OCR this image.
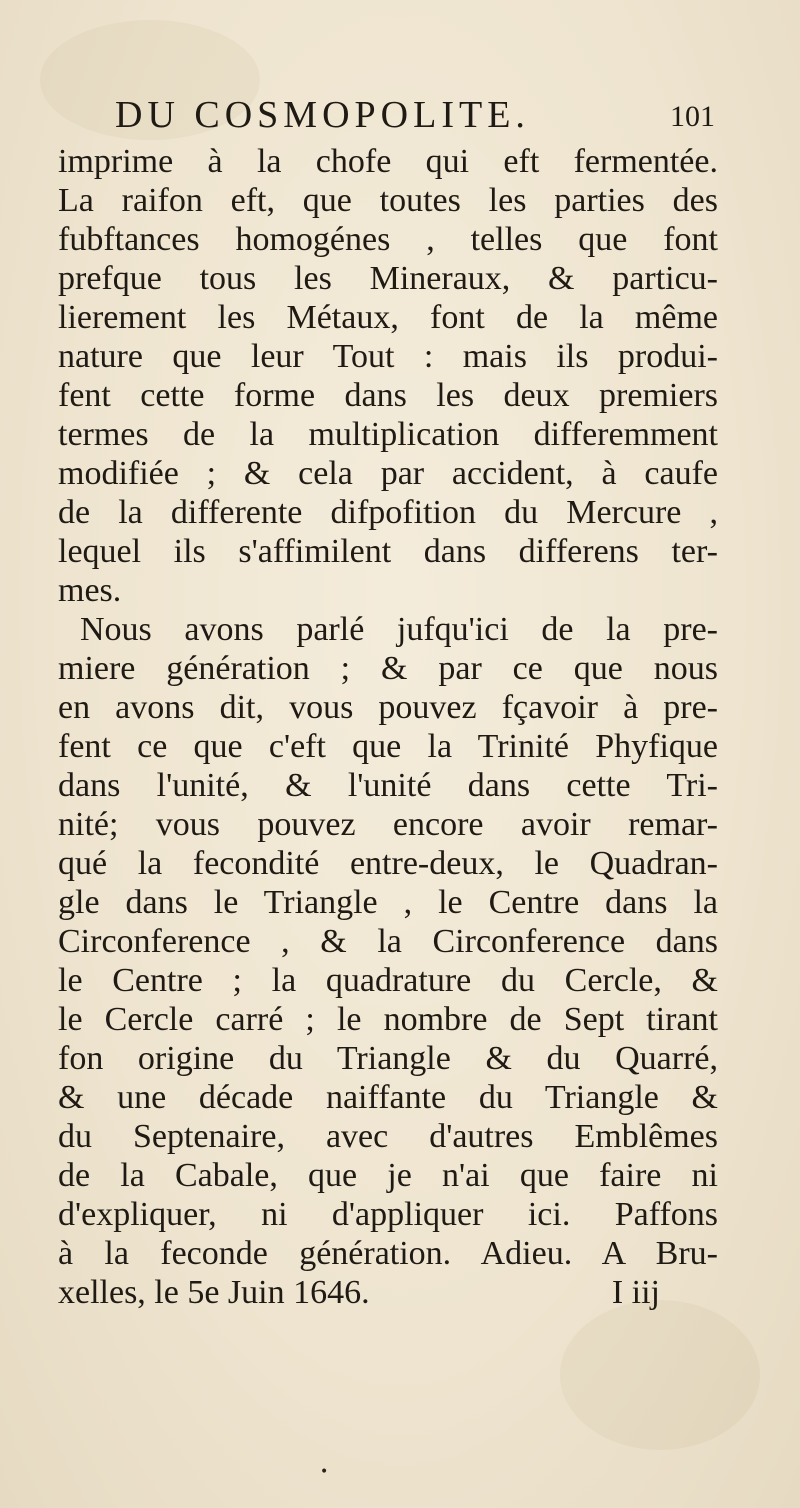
DU COSMOPOLITE.	101
imprime à la chofe qui eft fermentée.
La raifon eft, que toutes les parties des
fubftances homogénes , telles que font
prefque tous les Mineraux, & particu-
lierement les Métaux, font de la même
nature que leur Tout : mais ils produi-
fent cette forme dans les deux premiers
termes de la multiplication differemment
modifiée ; & cela par accident, à caufe
de la differente difpofition du Mercure ,
lequel ils s'affimilent dans differens ter-
mes.
Nous avons parlé jufqu'ici de la pre-
miere génération ; & par ce que nous
en avons dit, vous pouvez fçavoir à pre-
fent ce que c'eft que la Trinité Phyfique
dans l'unité, & l'unité dans cette Tri-
nité; vous pouvez encore avoir remar-
qué la fecondité entre-deux, le Quadran-
gle dans le Triangle , le Centre dans la
Circonference , & la Circonference dans
le Centre ; la quadrature du Cercle, &
le Cercle carré ; le nombre de Sept tirant
fon origine du Triangle & du Quarré,
& une décade naiffante du Triangle &
du Septenaire, avec d'autres Emblêmes
de la Cabale, que je n'ai que faire ni
d'expliquer, ni d'appliquer ici. Paffons
à la feconde génération. Adieu. A Bru-
xelles, le 5e Juin 1646.	I iij
•
